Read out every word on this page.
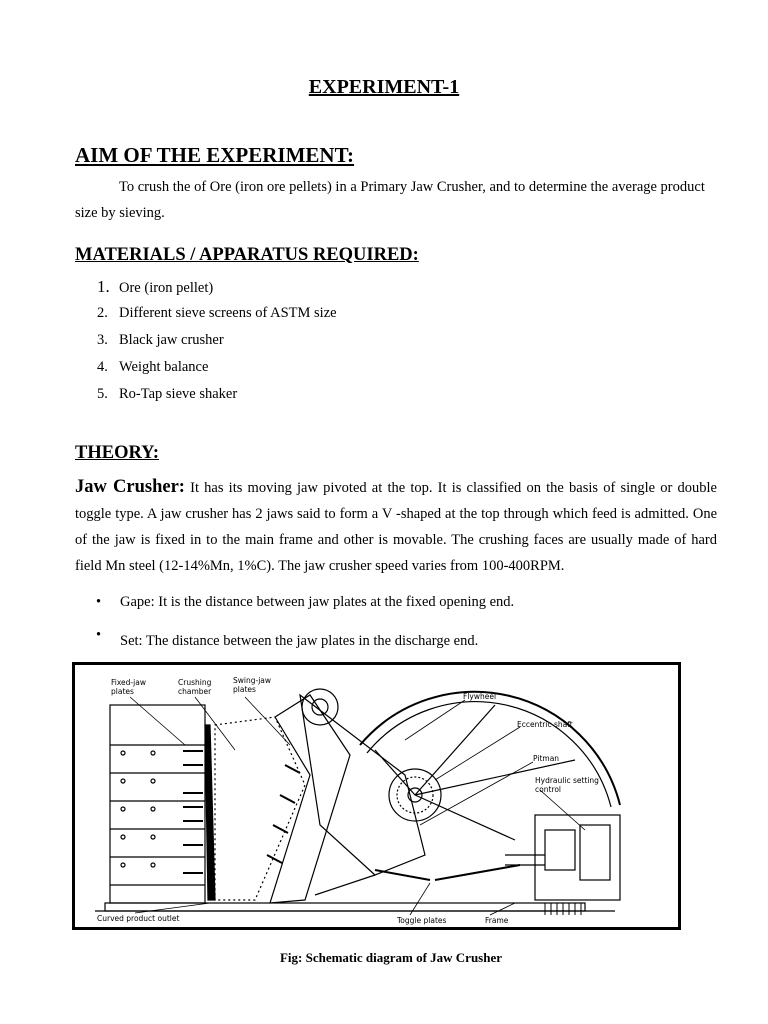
EXPERIMENT-1
AIM OF THE EXPERIMENT:
To crush the of Ore (iron ore pellets) in a Primary Jaw Crusher, and to determine the average product size by sieving.
MATERIALS / APPARATUS REQUIRED:
1. Ore (iron pellet)
2. Different sieve screens of ASTM size
3. Black jaw crusher
4. Weight balance
5. Ro-Tap sieve shaker
THEORY:
Jaw Crusher: It has its moving jaw pivoted at the top. It is classified on the basis of single or double toggle type. A jaw crusher has 2 jaws said to form a V -shaped at the top through which feed is admitted. One of the jaw is fixed in to the main frame and other is movable. The crushing faces are usually made of hard field Mn steel (12-14%Mn, 1%C). The jaw crusher speed varies from 100-400RPM.
• Gape: It is the distance between jaw plates at the fixed opening end.
• Set: The distance between the jaw plates in the discharge end.
Fixed-jaw
plates
Crushing
chamber
Swing-jaw
plates
Flywheel
Eccentric shaft
Pitman
Hydraulic setting
control
Curved product outlet	Toggle plates	Frame
Fig: Schematic diagram of Jaw Crusher
